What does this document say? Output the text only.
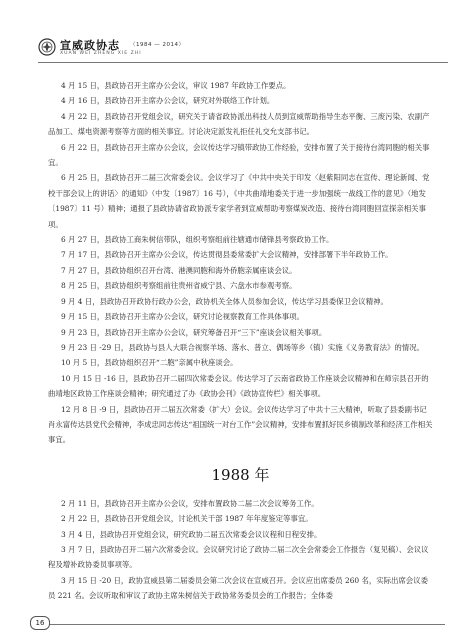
宣威政协志 （1984 — 2014）
XUAN WEI ZHENG XIE ZHI

4 月 15 日，县政协召开主席办公会议，审议 1987 年政协工作要点。

4 月 16 日，县政协召开主席办公会议，研究对外联络工作计划。

4 月 22 日，县政协召开党组会议，研究关于请省政协派出科技人员到宣威帮助指导生态平衡、三废污染、农副产品加工、煤电资源考察等方面的相关事宜。讨论决定派发礼拒任礼交允支部书记。

6 月 22 日，县政协召开主席办公会议，会议传达学习镇带政协工作经验，安排布置了关于接待台湾同胞的相关事宜。

6 月 25 日，县政协召开二届三次常委会议。会议学习了《中共中央关于印发〈赵紫阳同志在宣传、理论新闻、党校干部会议上的讲话〉的通知》（中发〔1987〕16 号），《中共曲靖地委关于进一步加强统一战线工作的意见》（地发〔1987〕11 号）精神；通报了县政协请省政协派专家学者到宣威帮助考察煤炭改造、接待台湾同胞回宣探亲相关事项。

6 月 27 日，县政协工商朱树信带队，组织考察组前往辖通市储锋县考察政协工作。

7 月 17 日，县政协召开主席办公会议，传达贯彻县委常委扩大会议精神，安排部署下半年政协工作。

7 月 27 日，县政协组织召开台湾、港澳同胞和海外侨胞亲属座谈会议。

8 月 25 日，县政协组织考察组前往贵州省威宁县、六盘水市参观考察。

9 月 4 日，县政协召开政协行政办公会，政协机关全体人员参加会议，传达学习县委保卫会议精神。

9 月 15 日，县政协召开主席办公会议，研究讨论视察教育工作具体事项。

9 月 23 日，县政协召开主席办公会议，研究筹备召开“三下”座谈会议相关事项。

9 月 23 日 -29 日，县政协与县人大联合视察羊场、落水、普立、偶场等乡（镇）实施《义务教育法》的情况。

10 月 5 日，县政协组织召开“二胞”亲属中秋座谈会。

10 月 15 日 -16 日，县政协召开二届四次常委会议。传达学习了云南省政协工作座谈会议精神和在师宗县召开的曲靖地区政协工作座谈会精神；研究通过了办《政协会刊》《政协宣传栏》相关事项。

12 月 8 日 -9 日，县政协召开二届五次常委（扩大）会议。会议传达学习了中共十三大精神，听取了县委副书记肖永富传达县党代会精神，李成忠同志传达“祖国统一对台工作”会议精神，安排布置抓好民乡镇制改革和经济工作相关事宜。

1988 年

2 月 11 日，县政协召开主席办公会议，安排布置政协二届二次会议筹务工作。

2 月 22 日，县政协召开党组会议，讨论机关干部 1987 年年度鉴定等事宜。

3 月 4 日，县政协召开党组会议，研究政协二届五次常委会议议程和日程安排。

3 月 7 日，县政协召开二届六次常委会议。会议研究讨论了政协二届二次全会常委会工作报告（复见稿）、会议议程及增补政协委员事项等。

3 月 15 日 -20 日，政协宣威县第二届委员会第二次会议在宣威召开。会议应出席委员 260 名，实际出席会议委员 221 名。会议听取和审议了政协主席朱树信关于政协常务委员会的工作报告；全体委

16
